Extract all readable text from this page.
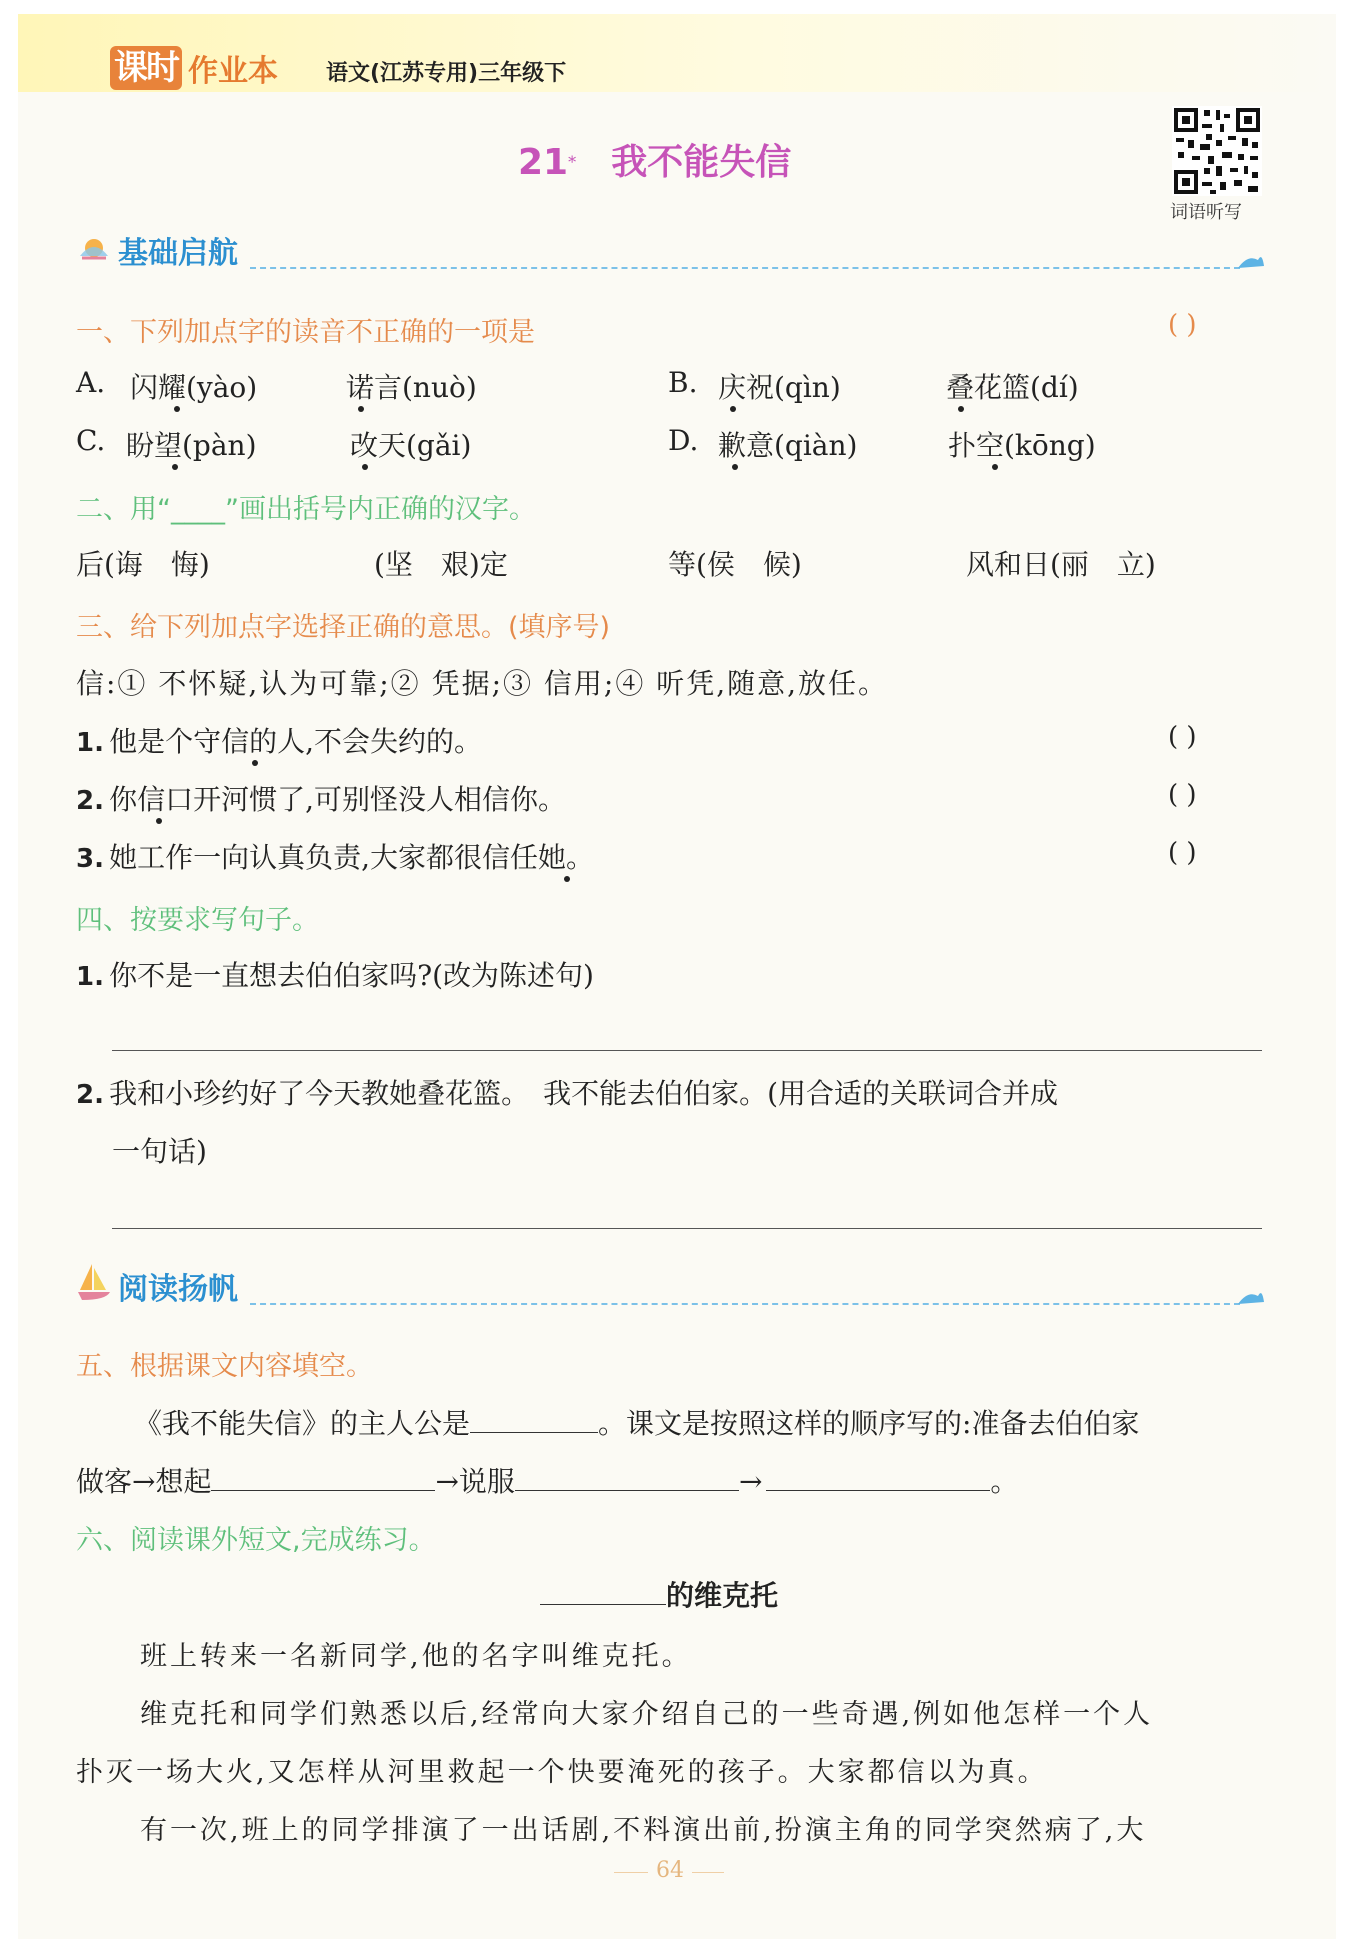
课时 作业本 语文(江苏专用)三年级下
21* 我不能失信
词语听写
基础启航
一、下列加点字的读音不正确的一项是	( )
A. 闪耀(yào)	诺言(nuò)	B. 庆祝(qìn)	叠花篮(dí)
C. 盼望(pàn)	改天(gǎi)	D. 歉意(qiàn)	扑空(kōng)
二、用“____”画出括号内正确的汉字。
后(诲　悔)	(坚　艰)定	等(侯　候)	风和日(丽　立)
三、给下列加点字选择正确的意思。(填序号)
信:① 不怀疑,认为可靠;② 凭据;③ 信用;④ 听凭,随意,放任。
1. 他是个守信的人,不会失约的。	( )
2. 你信口开河惯了,可别怪没人相信你。	( )
3. 她工作一向认真负责,大家都很信任她。	( )
四、按要求写句子。
1. 你不是一直想去伯伯家吗?(改为陈述句)
2. 我和小珍约好了今天教她叠花篮。　我不能去伯伯家。(用合适的关联词合并成
一句话)
阅读扬帆
五、根据课文内容填空。
《我不能失信》的主人公是	。课文是按照这样的顺序写的:准备去伯伯家
做客→想起	→说服	→	。
六、阅读课外短文,完成练习。
的维克托
班上转来一名新同学,他的名字叫维克托。
维克托和同学们熟悉以后,经常向大家介绍自己的一些奇遇,例如他怎样一个人
扑灭一场大火,又怎样从河里救起一个快要淹死的孩子。大家都信以为真。
有一次,班上的同学排演了一出话剧,不料演出前,扮演主角的同学突然病了,大
64
